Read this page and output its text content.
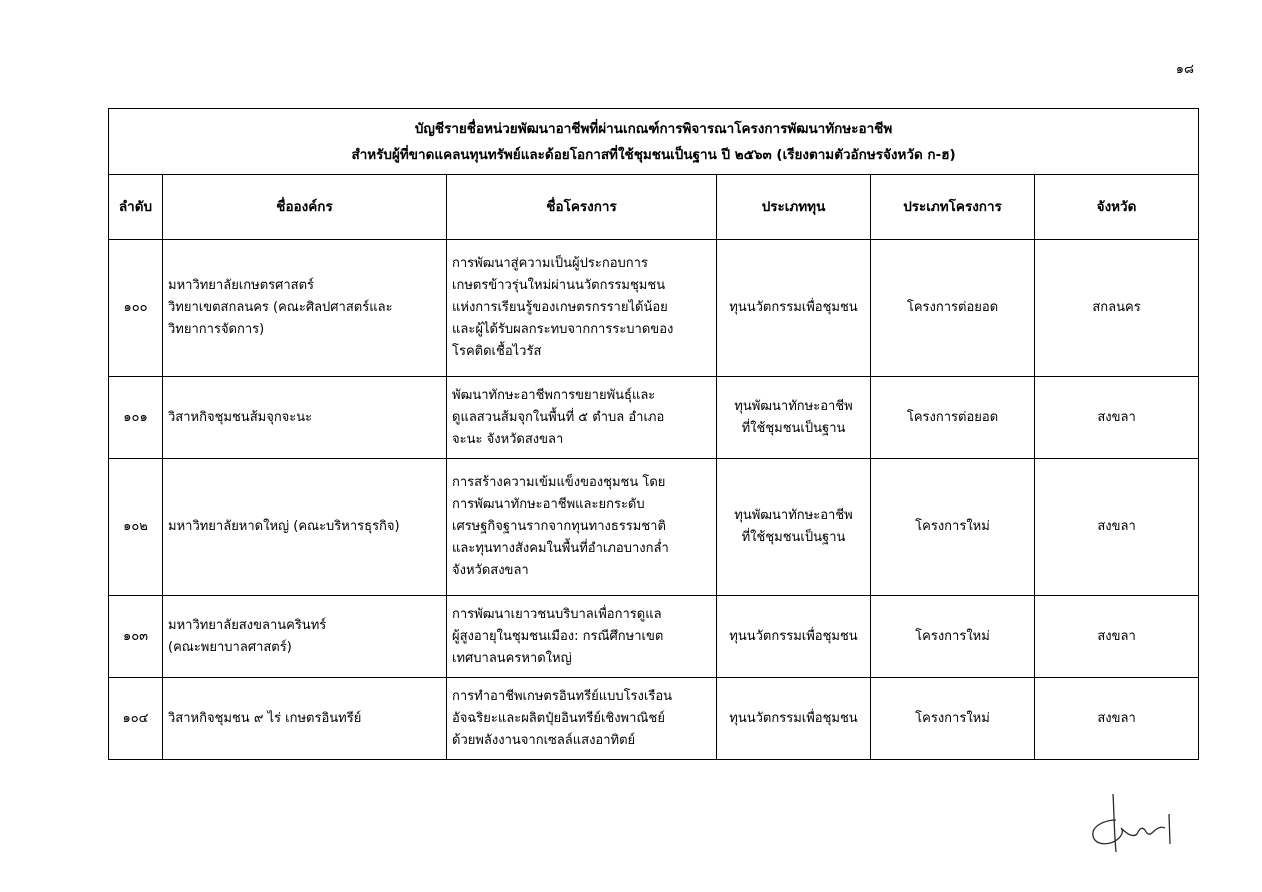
๑๘
บัญชีรายชื่อหน่วยพัฒนาอาชีพที่ผ่านเกณฑ์การพิจารณาโครงการพัฒนาทักษะอาชีพ
สำหรับผู้ที่ขาดแคลนทุนทรัพย์และด้อยโอกาสที่ใช้ชุมชนเป็นฐาน ปี ๒๕๖๓ (เรียงตามตัวอักษรจังหวัด ก-ฮ)					

ลำดับ	ชื่อองค์กร	ชื่อโครงการ	ประเภททุน	ประเภทโครงการ	จังหวัด
๑๐๐	มหาวิทยาลัยเกษตรศาสตร์
วิทยาเขตสกลนคร (คณะศิลปศาสตร์และ
วิทยาการจัดการ)	การพัฒนาสู่ความเป็นผู้ประกอบการ
เกษตรข้าวรุ่นใหม่ผ่านนวัตกรรมชุมชน
แห่งการเรียนรู้ของเกษตรกรรายได้น้อย
และผู้ได้รับผลกระทบจากการระบาดของ
โรคติดเชื้อไวรัส	ทุนนวัตกรรมเพื่อชุมชน	โครงการต่อยอด	สกลนคร
๑๐๑	วิสาหกิจชุมชนส้มจุกจะนะ	พัฒนาทักษะอาชีพการขยายพันธุ์และ
ดูแลสวนส้มจุกในพื้นที่ ๕ ตำบล อำเภอ
จะนะ จังหวัดสงขลา	ทุนพัฒนาทักษะอาชีพ
ที่ใช้ชุมชนเป็นฐาน	โครงการต่อยอด	สงขลา
๑๐๒	มหาวิทยาลัยหาดใหญ่ (คณะบริหารธุรกิจ)	การสร้างความเข้มแข็งของชุมชน โดย
การพัฒนาทักษะอาชีพและยกระดับ
เศรษฐกิจฐานรากจากทุนทางธรรมชาติ
และทุนทางสังคมในพื้นที่อำเภอบางกล่ำ
จังหวัดสงขลา	ทุนพัฒนาทักษะอาชีพ
ที่ใช้ชุมชนเป็นฐาน	โครงการใหม่	สงขลา
๑๐๓	มหาวิทยาลัยสงขลานครินทร์
(คณะพยาบาลศาสตร์)	การพัฒนาเยาวชนบริบาลเพื่อการดูแล
ผู้สูงอายุในชุมชนเมือง: กรณีศึกษาเขต
เทศบาลนครหาดใหญ่	ทุนนวัตกรรมเพื่อชุมชน	โครงการใหม่	สงขลา
๑๐๔	วิสาหกิจชุมชน ๙ ไร่ เกษตรอินทรีย์	การทำอาชีพเกษตรอินทรีย์แบบโรงเรือน
อัจฉริยะและผลิตปุ๋ยอินทรีย์เชิงพาณิชย์
ด้วยพลังงานจากเซลล์แสงอาทิตย์	ทุนนวัตกรรมเพื่อชุมชน	โครงการใหม่	สงขลา
